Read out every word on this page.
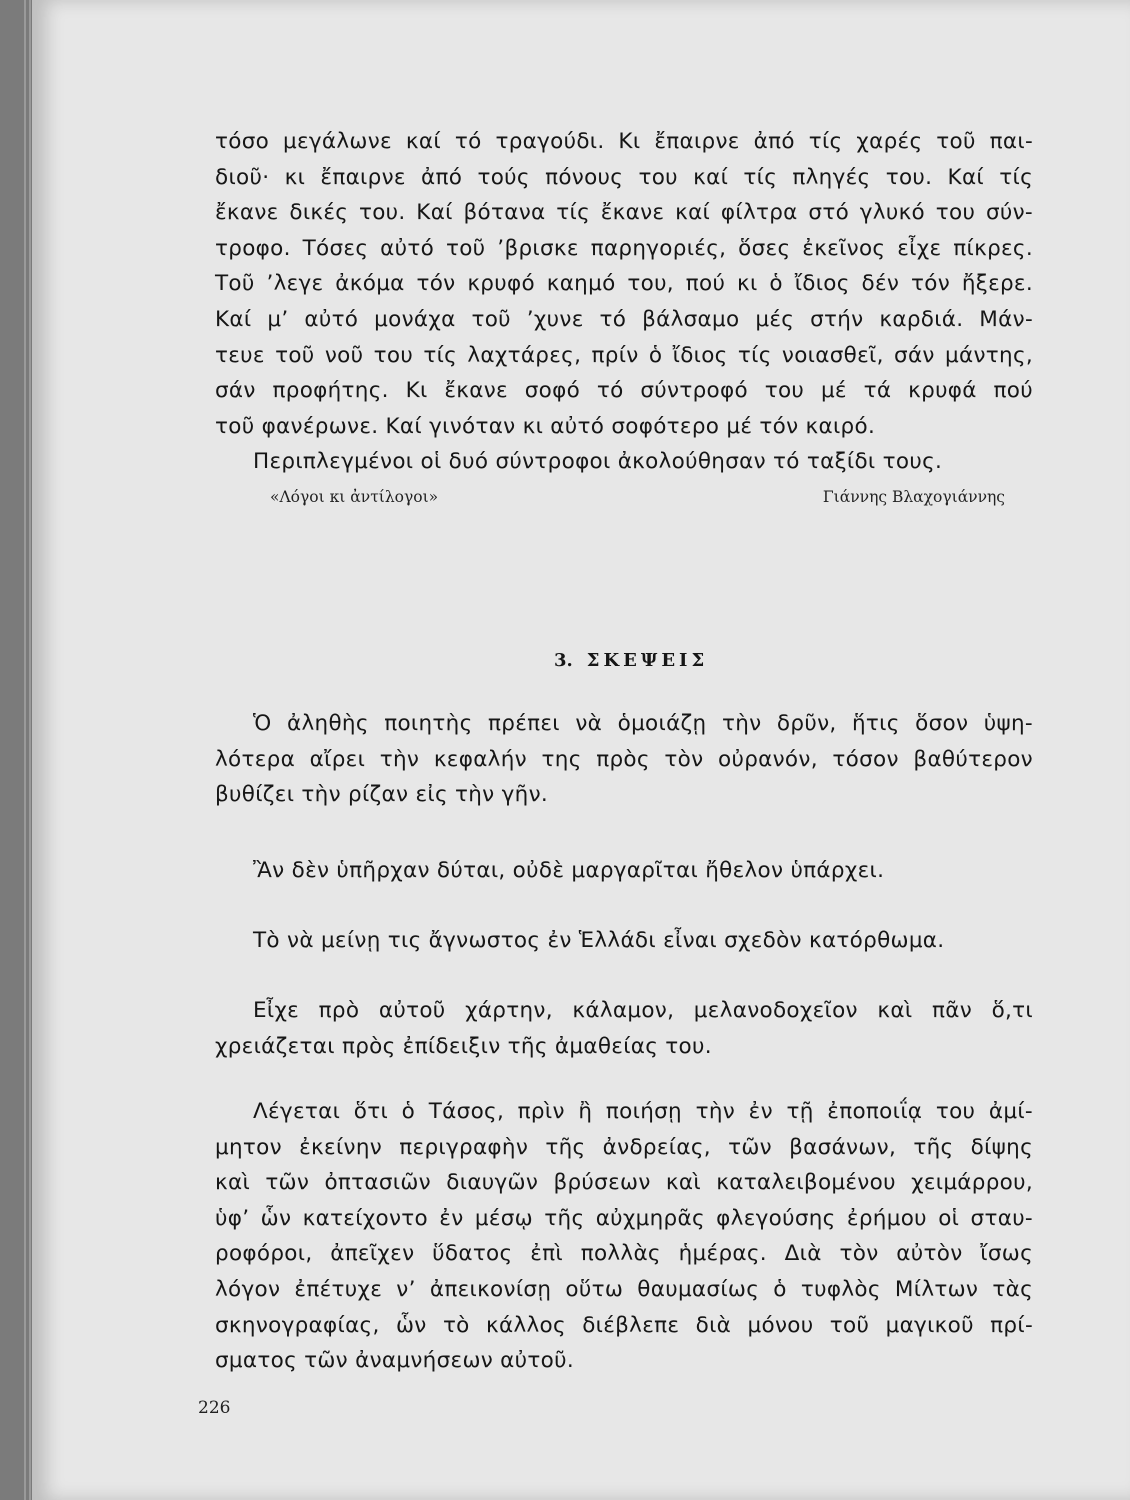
τόσο μεγάλωνε καί τό τραγούδι. Κι ἔπαιρνε ἀπό τίς χαρές τοῦ παι-
διοῦ· κι ἔπαιρνε ἀπό τούς πόνους του καί τίς πληγές του. Καί τίς
ἔκανε δικές του. Καί βότανα τίς ἔκανε καί φίλτρα στό γλυκό του σύν-
τροφο. Τόσες αὐτό τοῦ ’βρισκε παρηγοριές, ὅσες ἐκεῖνος εἶχε πίκρες.
Τοῦ ’λεγε ἀκόμα τόν κρυφό καημό του, πού κι ὁ ἴδιος δέν τόν ἤξερε.
Καί μ’ αὐτό μονάχα τοῦ ’χυνε τό βάλσαμο μές στήν καρδιά. Μάν-
τευε τοῦ νοῦ του τίς λαχτάρες, πρίν ὁ ἴδιος τίς νοιασθεῖ, σάν μάντης,
σάν προφήτης. Κι ἔκανε σοφό τό σύντροφό του μέ τά κρυφά πού
τοῦ φανέρωνε. Καί γινόταν κι αὐτό σοφότερο μέ τόν καιρό.
Περιπλεγμένοι οἱ δυό σύντροφοι ἀκολούθησαν τό ταξίδι τους.
«Λόγοι κι ἀντίλογοι»	Γιάννης Βλαχογιάννης
3. ΣΚΕΨΕΙΣ
Ὁ ἀληθὴς ποιητὴς πρέπει νὰ ὁμοιάζῃ τὴν δρῦν, ἥτις ὅσον ὑψη-
λότερα αἴρει τὴν κεφαλήν της πρὸς τὸν οὐρανόν, τόσον βαθύτερον
βυθίζει τὴν ρίζαν εἰς τὴν γῆν.
Ἂν δὲν ὑπῆρχαν δύται, οὐδὲ μαργαρῖται ἤθελον ὑπάρχει.
Τὸ νὰ μείνῃ τις ἄγνωστος ἐν Ἑλλάδι εἶναι σχεδὸν κατόρθωμα.
Εἶχε πρὸ αὐτοῦ χάρτην, κάλαμον, μελανοδοχεῖον καὶ πᾶν ὅ,τι
χρειάζεται πρὸς ἐπίδειξιν τῆς ἀμαθείας του.
Λέγεται ὅτι ὁ Τάσος, πρὶν ἢ ποιήσῃ τὴν ἐν τῇ ἐποποιΐᾳ του ἀμί-
μητον ἐκείνην περιγραφὴν τῆς ἀνδρείας, τῶν βασάνων, τῆς δίψης
καὶ τῶν ὀπτασιῶν διαυγῶν βρύσεων καὶ καταλειβομένου χειμάρρου,
ὑφ’ ὧν κατείχοντο ἐν μέσῳ τῆς αὐχμηρᾶς φλεγούσης ἐρήμου οἱ σταυ-
ροφόροι, ἀπεῖχεν ὕδατος ἐπὶ πολλὰς ἡμέρας. Διὰ τὸν αὐτὸν ἴσως
λόγον ἐπέτυχε ν’ ἀπεικονίσῃ οὕτω θαυμασίως ὁ τυφλὸς Μίλτων τὰς
σκηνογραφίας, ὧν τὸ κάλλος διέβλεπε διὰ μόνου τοῦ μαγικοῦ πρί-
σματος τῶν ἀναμνήσεων αὐτοῦ.
226
